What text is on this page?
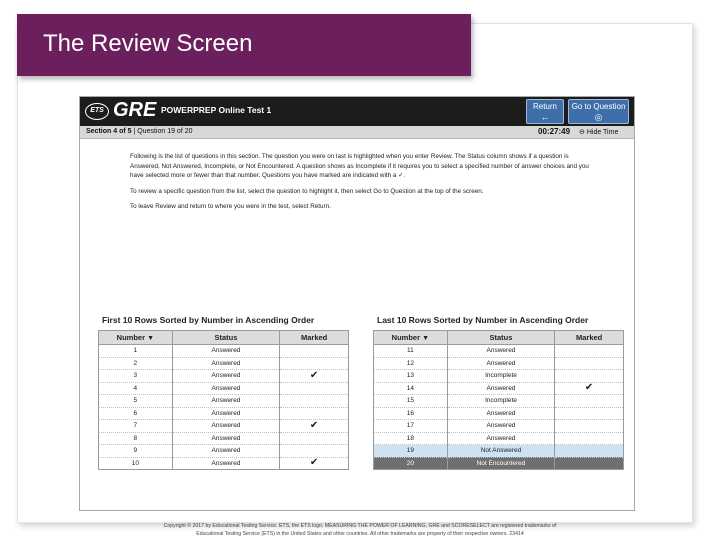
The Review Screen
ETS GRE POWERPREP Online Test 1	Return
←
Go to Question
◎
Section 4 of 5 | Question 19 of 20	00:27:49 ⊖ Hide Time

Following is the list of questions in this section. The question you were on last is highlighted when you enter Review. The Status column shows if a question is Answered, Not Answered, Incomplete, or Not Encountered. A question shows as Incomplete if it requires you to select a specified number of answer choices and you have selected more or fewer than that number. Questions you have marked are indicated with a ✓.

To review a specific question from the list, select the question to highlight it, then select Go to Question at the top of the screen.

To leave Review and return to where you were in the test, select Return.

First 10 Rows Sorted by Number in Ascending Order	Last 10 Rows Sorted by Number in Ascending Order
Number ▼	Status	Marked
1	Answered	
2	Answered	
3	Answered	✔
4	Answered	
5	Answered	
6	Answered	
7	Answered	✔
8	Answered	
9	Answered	
10	Answered	✔
Number ▼	Status	Marked
11	Answered	
12	Answered	
13	Incomplete	
14	Answered	✔
15	Incomplete	
16	Answered	
17	Answered	
18	Answered	
19	Not Answered	
20	Not Encountered	
Copyright © 2017 by Educational Testing Service. ETS, the ETS logo, MEASURING THE POWER OF LEARNING, GRE and SCORESELECT are registered trademarks of
Educational Testing Service (ETS) in the United States and other countries. All other trademarks are property of their respective owners. 23414
